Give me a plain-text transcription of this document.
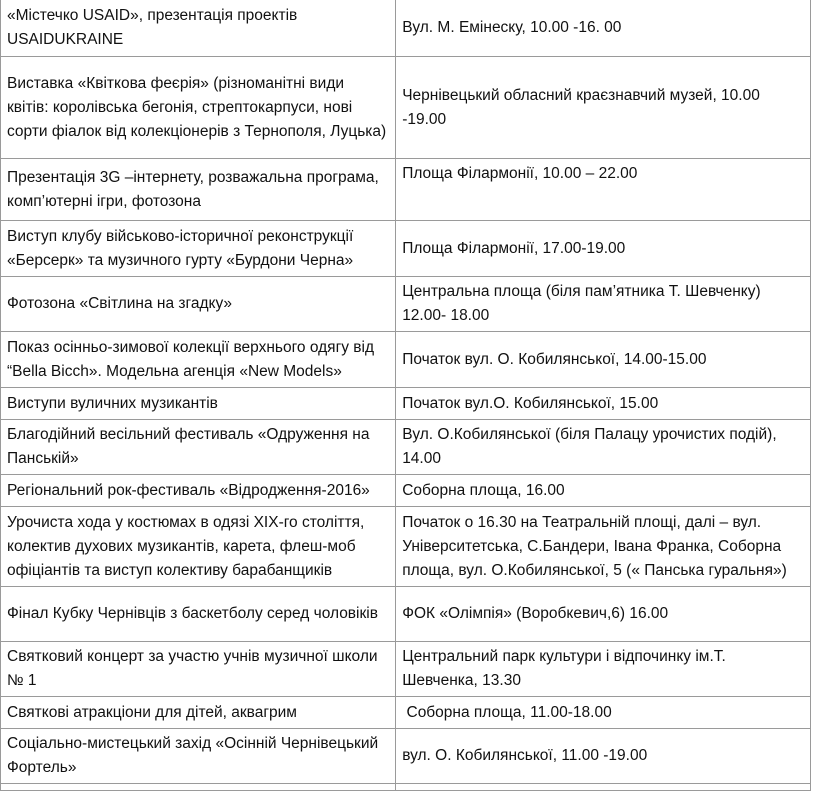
«Містечко USAID», презентація проектів USAIDUKRAINE	Вул. М. Емінеску, 10.00 -16. 00
Виставка «Квіткова феєрія» (різноманітні види квітів: королівська бегонія, стрептокарпуси, нові сорти фіалок від колекціонерів з Тернополя, Луцька)	Чернівецький обласний краєзнавчий музей, 10.00 -19.00
Презентація 3G –інтернету, розважальна програма, комп’ютерні ігри, фотозона	Площа Філармонії, 10.00 – 22.00
Виступ клубу військово-історичної реконструкції «Берсерк» та музичного гурту «Бурдони Черна»	Площа Філармонії, 17.00-19.00
Фотозона «Світлина на згадку»	Центральна площа (біля пам’ятника Т. Шевченку) 12.00- 18.00
Показ осінньо-зимової колекції верхнього одягу від “Bella Bicch». Модельна агенція «New Models»	Початок вул. О. Кобилянської, 14.00-15.00
Виступи вуличних музикантів	Початок вул.О. Кобилянської, 15.00
Благодійний весільний фестиваль «Одруження на Панській»	Вул. О.Кобилянської (біля Палацу урочистих подій), 14.00
Регіональний рок-фестиваль «Відродження-2016»	Соборна площа, 16.00
Урочиста хода у костюмах в одязі ХІХ-го століття, колектив духових музикантів, карета, флеш-моб офіціантів та виступ колективу барабанщиків	Початок о 16.30 на Театральній площі, далі – вул. Університетська, С.Бандери, Івана Франка, Соборна площа, вул. О.Кобилянської, 5 (« Панська гуральня»)
Фінал Кубку Чернівців з баскетболу серед чоловіків	ФОК «Олімпія» (Воробкевич,6) 16.00
Святковий концерт за участю учнів музичної школи № 1	Центральний парк культури і відпочинку ім.Т. Шевченка, 13.30
Святкові атракціони для дітей, аквагрим	Соборна площа, 11.00-18.00
Соціально-мистецький захід «Осінній Чернівецький Фортель»	вул. О. Кобилянської, 11.00 -19.00
